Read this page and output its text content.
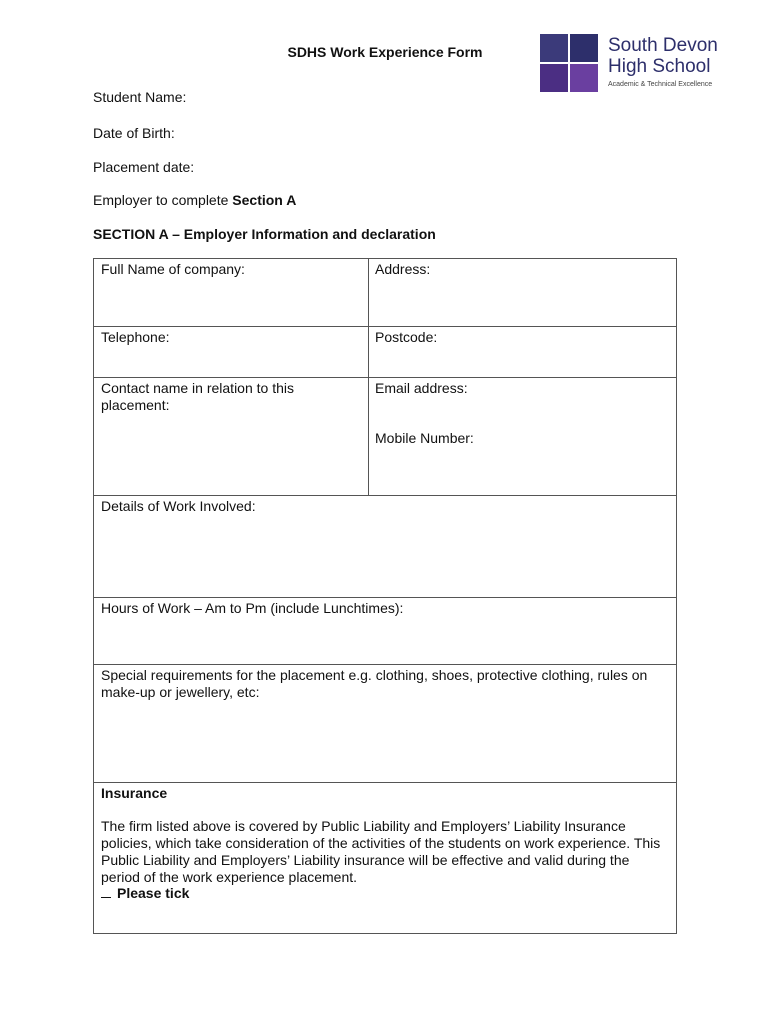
SDHS Work Experience Form	South Devon
High School
Academic & Technical Excellence
Student Name:
Date of Birth:
Placement date:
Employer to complete Section A
SECTION A – Employer Information and declaration
Full Name of company:	Address:
Telephone:	Postcode:
Contact name in relation to this placement:
Email address:
Mobile Number:
Details of Work Involved:
Hours of Work – Am to Pm (include Lunchtimes):
Special requirements for the placement e.g. clothing, shoes, protective clothing, rules on make-up or jewellery, etc:
Insurance
The firm listed above is covered by Public Liability and Employers’ Liability Insurance policies, which take consideration of the activities of the students on work experience. This Public Liability and Employers’ Liability insurance will be effective and valid during the period of the work experience placement.
Please tick
